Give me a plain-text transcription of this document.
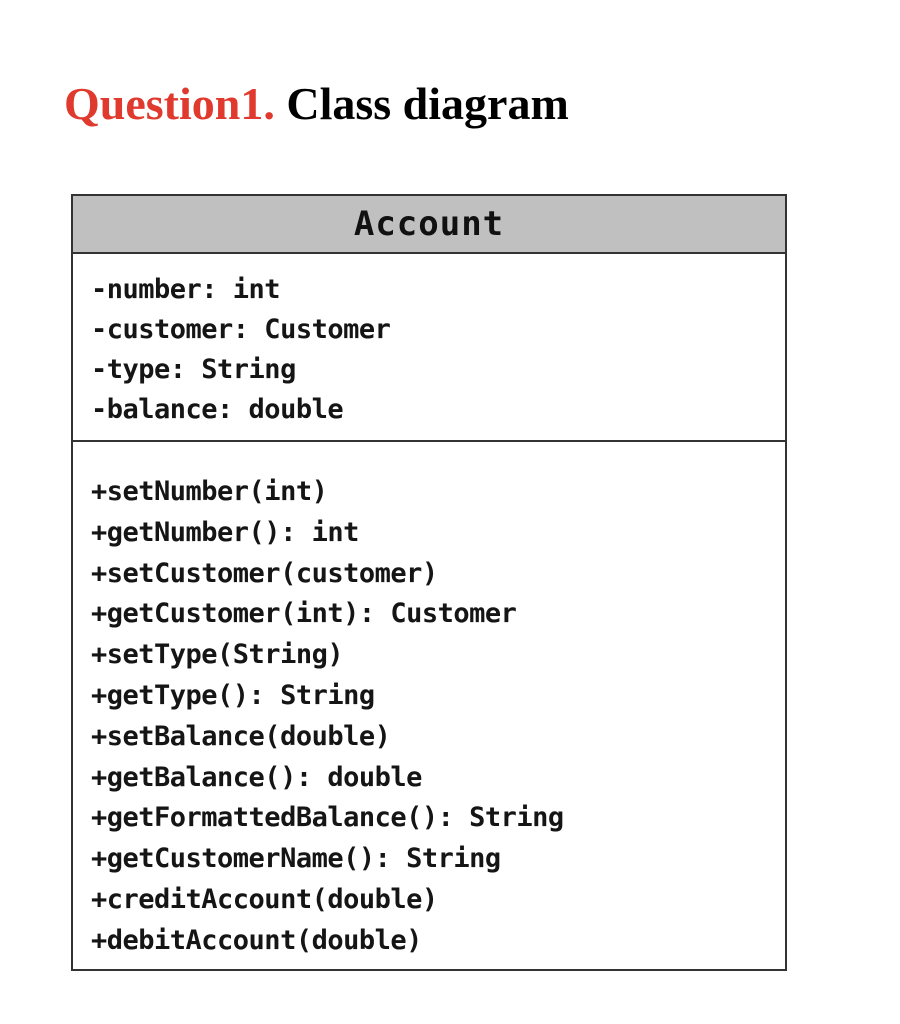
Question1. Class diagram
Account
-number: int
-customer: Customer
-type: String
-balance: double
+setNumber(int)
+getNumber(): int
+setCustomer(customer)
+getCustomer(int): Customer
+setType(String)
+getType(): String
+setBalance(double)
+getBalance(): double
+getFormattedBalance(): String
+getCustomerName(): String
+creditAccount(double)
+debitAccount(double)
